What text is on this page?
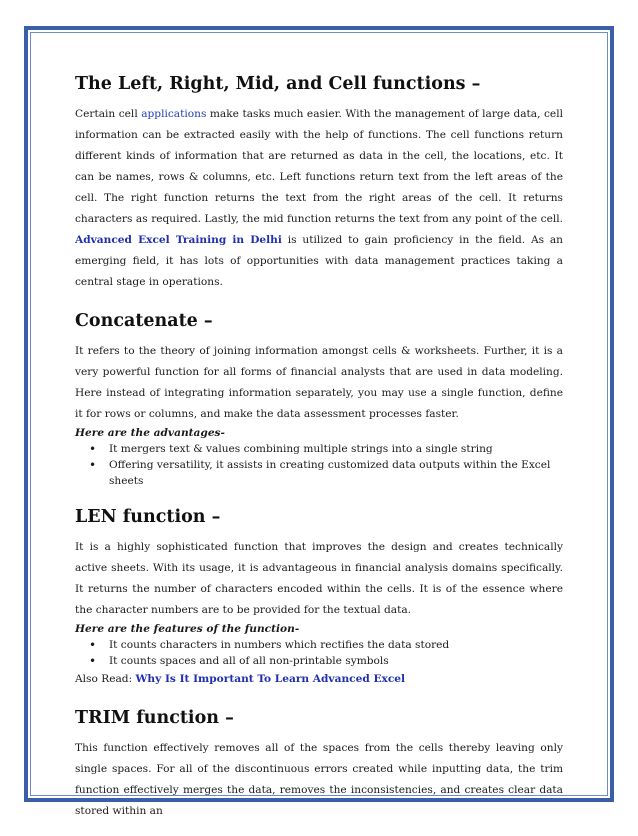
The Left, Right, Mid, and Cell functions –

Certain cell applications make tasks much easier. With the management of large data, cell information can be extracted easily with the help of functions. The cell functions return different kinds of information that are returned as data in the cell, the locations, etc. It can be names, rows & columns, etc. Left functions return text from the left areas of the cell. The right function returns the text from the right areas of the cell. It returns characters as required. Lastly, the mid function returns the text from any point of the cell. Advanced Excel Training in Delhi is utilized to gain proficiency in the field. As an emerging field, it has lots of opportunities with data management practices taking a central stage in operations.

Concatenate –

It refers to the theory of joining information amongst cells & worksheets. Further, it is a very powerful function for all forms of financial analysts that are used in data modeling. Here instead of integrating information separately, you may use a single function, define it for rows or columns, and make the data assessment processes faster.

Here are the advantages-

• It mergers text & values combining multiple strings into a single string
• Offering versatility, it assists in creating customized data outputs within the Excel sheets
LEN function –

It is a highly sophisticated function that improves the design and creates technically active sheets. With its usage, it is advantageous in financial analysis domains specifically. It returns the number of characters encoded within the cells. It is of the essence where the character numbers are to be provided for the textual data.

Here are the features of the function-

• It counts characters in numbers which rectifies the data stored
• It counts spaces and all of all non-printable symbols

Also Read: Why Is It Important To Learn Advanced Excel

TRIM function –

This function effectively removes all of the spaces from the cells thereby leaving only single spaces. For all of the discontinuous errors created while inputting data, the trim function effectively merges the data, removes the inconsistencies, and creates clear data stored within an
